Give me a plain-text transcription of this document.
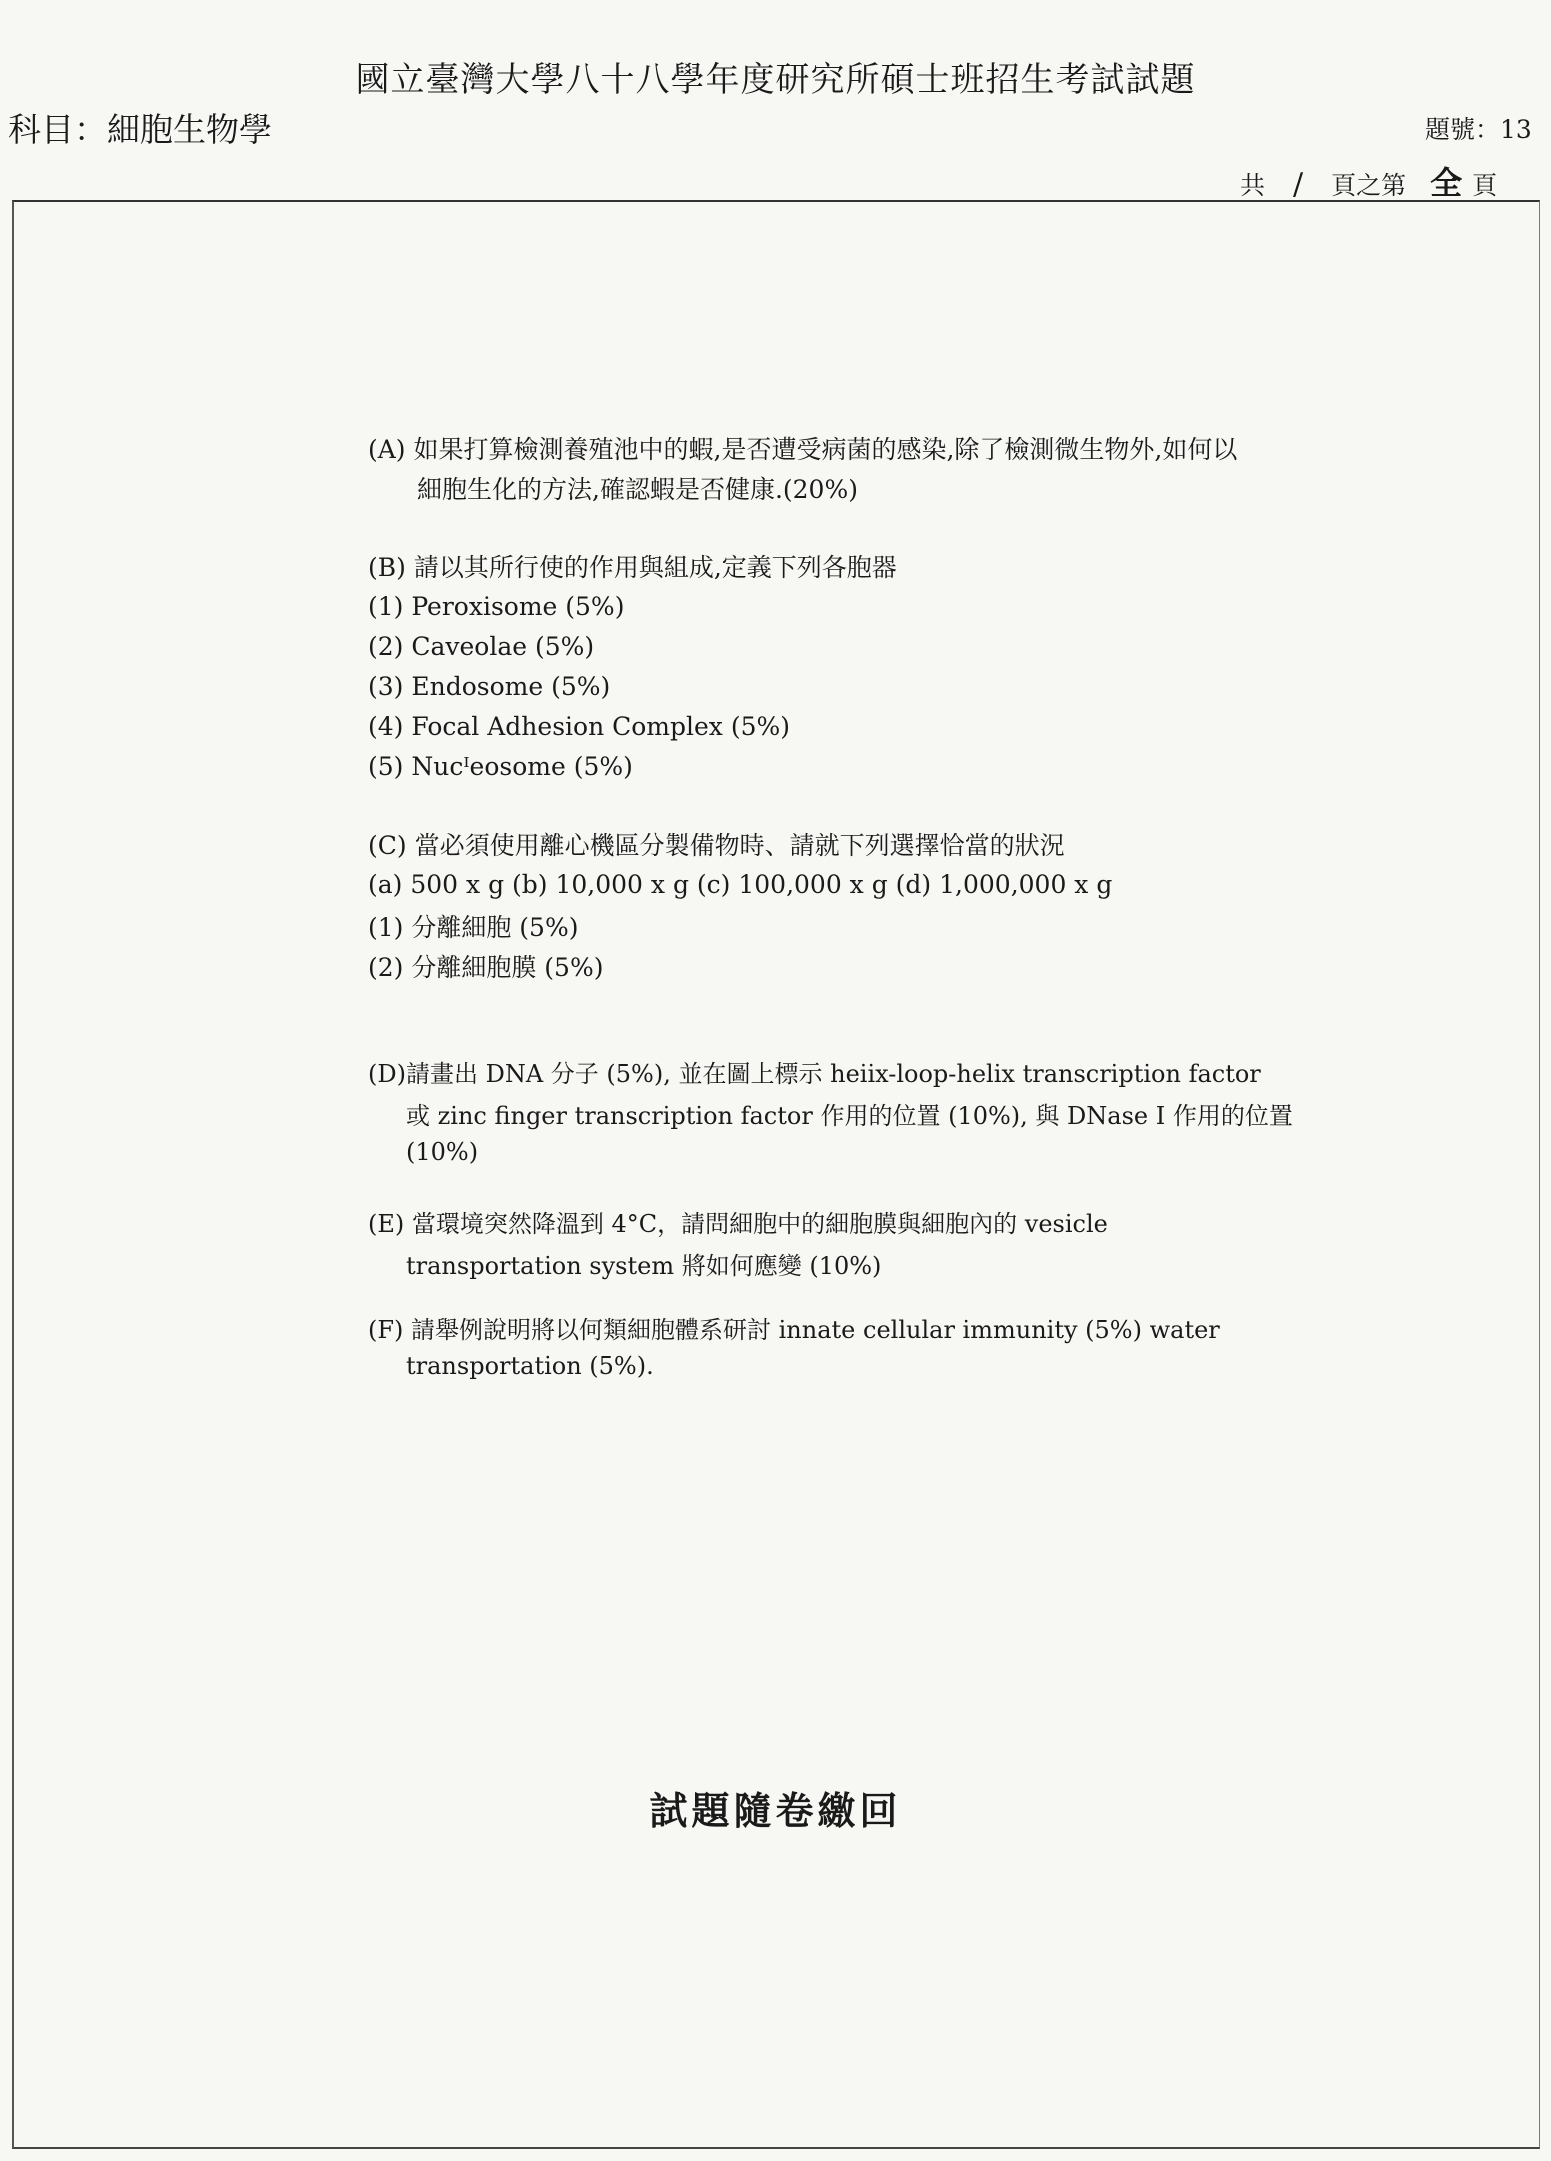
國立臺灣大學八十八學年度研究所碩士班招生考試試題
科目：細胞生物學	題號：13
共 / 頁之第 全 頁
(A) 如果打算檢測養殖池中的蝦,是否遭受病菌的感染,除了檢測微生物外,如何以
細胞生化的方法,確認蝦是否健康.(20%)
(B) 請以其所行使的作用與組成,定義下列各胞器
(1) Peroxisome (5%)
(2) Caveolae (5%)
(3) Endosome (5%)
(4) Focal Adhesion Complex (5%)
(5) Nucᴵeosome (5%)
(C) 當必須使用離心機區分製備物時、請就下列選擇恰當的狀況
(a) 500 x g (b) 10,000 x g (c) 100,000 x g (d) 1,000,000 x g
(1) 分離細胞 (5%)
(2) 分離細胞膜 (5%)
(D)請畫出 DNA 分子 (5%), 並在圖上標示 heiix-loop-helix transcription factor
或 zinc finger transcription factor 作用的位置 (10%), 與 DNase I 作用的位置
(10%)
(E) 當環境突然降溫到 4°C，請問細胞中的細胞膜與細胞內的 vesicle
transportation system 將如何應變 (10%)
(F) 請舉例說明將以何類細胞體系研討 innate cellular immunity (5%) water
transportation (5%).
試題隨卷繳回
